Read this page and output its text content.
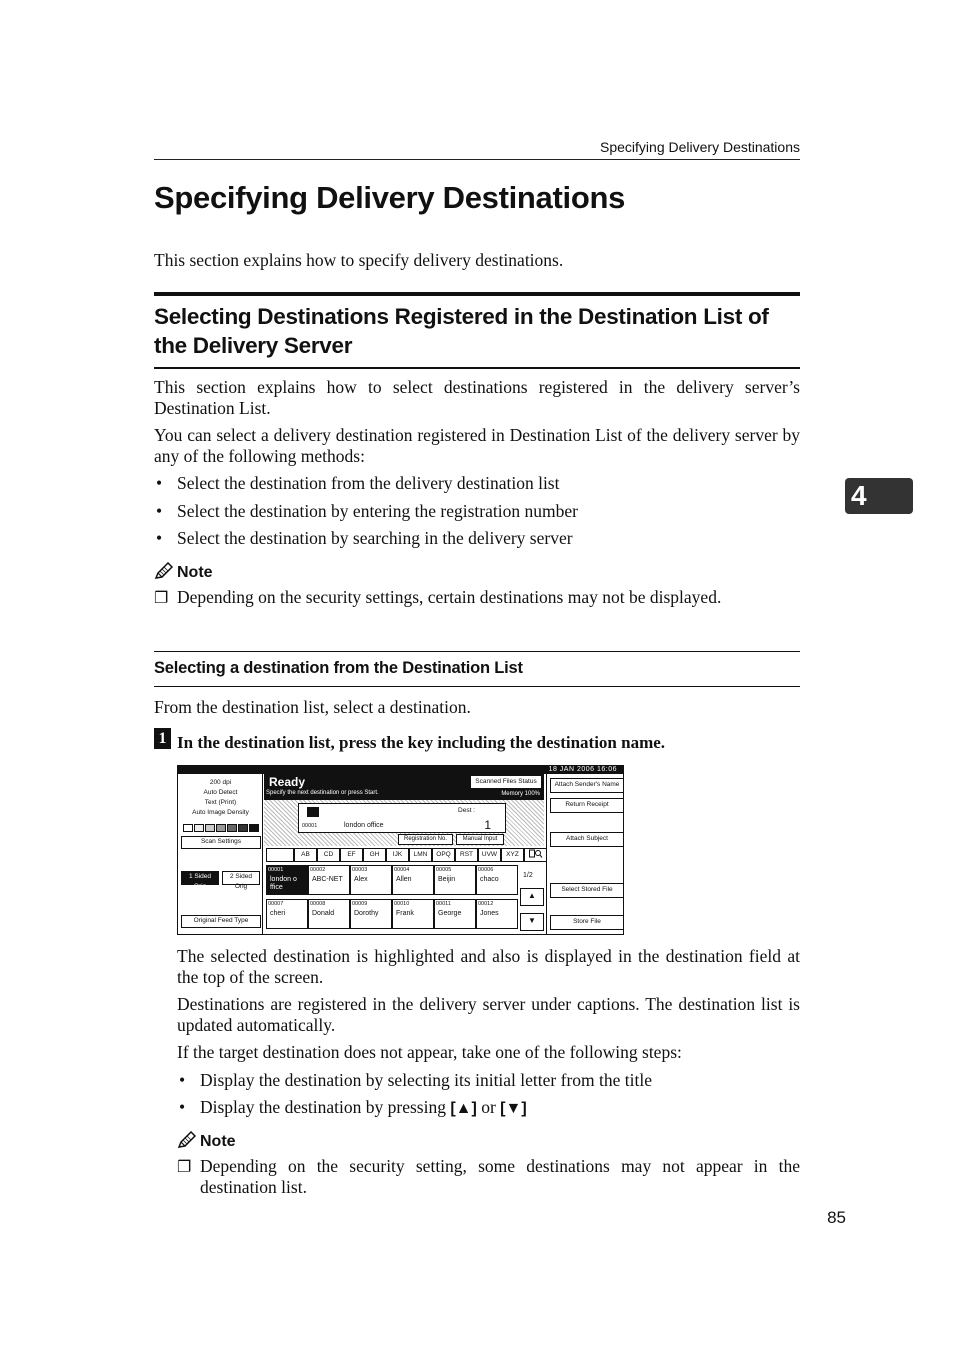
Specifying Delivery Destinations
Specifying Delivery Destinations
This section explains how to specify delivery destinations.
Selecting Destinations Registered in the Destination List of the Delivery Server
This section explains how to select destinations registered in the delivery server’s Destination List.
You can select a delivery destination registered in Destination List of the delivery server by any of the following methods:
• Select the destination from the delivery destination list
• Select the destination by entering the registration number
• Select the destination by searching in the delivery server
Note
❐ Depending on the security settings, certain destinations may not be displayed.
Selecting a destination from the Destination List
From the destination list, select a destination.
1 In the destination list, press the key including the destination name.
18 JAN 2006 16:06
200 dpi
Auto Detect
Text (Print)
Auto Image Density
Scan Settings
1 Sided Orig
2 Sided Orig
Original Feed Type
Ready
Specify the next destination or press Start.	Memory 100%
Scanned Files Status
Dest :
00001	london office	1
Registration No.	Manual Input
Freq.	AB	CD	EF	GH	IJK	LMN	OPQ	RST	UVW	XYZ
00001
london o ffice
00002
ABC-NET
00003
Alex
00004
Allen
00005
Beijin
00006
chaco
00007
cheri
00008
Donald
00009
Dorothy
00010
Frank
00011
George
00012
Jones
1/2
▲
▼
Attach Sender's Name
Return Receipt
Attach Subject
Select Stored File
Store File
The selected destination is highlighted and also is displayed in the destination field at the top of the screen.
Destinations are registered in the delivery server under captions. The destination list is updated automatically.
If the target destination does not appear, take one of the following steps:
• Display the destination by selecting its initial letter from the title
• Display the destination by pressing [▲] or [▼]
Note
❐ Depending on the security setting, some destinations may not appear in the destination list.
4
85
